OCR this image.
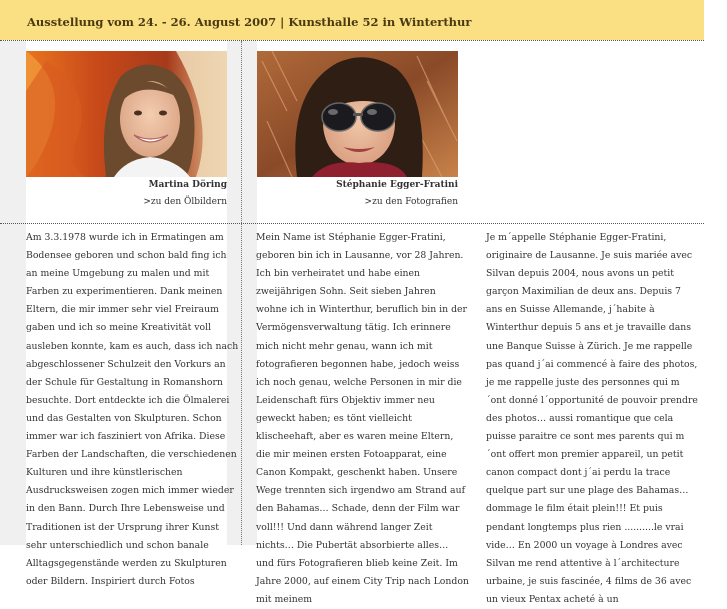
Ausstellung vom 24. - 26. August 2007 | Kunsthalle 52 in Winterthur
Martina Döring
>zu den Ölbildern
Stéphanie Egger-Fratini
>zu den Fotografien

Am 3.3.1978 wurde ich in Ermatingen am Bodensee geboren und schon bald fing ich an meine Umgebung zu malen und mit Farben zu experimentieren. Dank meinen Eltern, die mir immer sehr viel Freiraum gaben und ich so meine Kreativität voll ausleben konnte, kam es auch, dass ich nach abgeschlossener Schulzeit den Vorkurs an der Schule für Gestaltung in Romanshorn besuchte. Dort entdeckte ich die Ölmalerei und das Gestalten von Skulpturen. Schon immer war ich fasziniert von Afrika. Diese Farben der Landschaften, die verschiedenen Kulturen und ihre künstlerischen Ausdrucksweisen zogen mich immer wieder in den Bann. Durch Ihre Lebensweise und Traditionen ist der Ursprung ihrer Kunst sehr unterschiedlich und schon banale Alltagsgegenstände werden zu Skulpturen oder Bildern. Inspiriert durch Fotos

Mein Name ist Stéphanie Egger-Fratini, geboren bin ich in Lausanne, vor 28 Jahren. Ich bin verheiratet und habe einen zweijährigen Sohn. Seit sieben Jahren wohne ich in Winterthur, beruflich bin in der Vermögensverwaltung tätig. Ich erinnere mich nicht mehr genau, wann ich mit fotografieren begonnen habe, jedoch weiss ich noch genau, welche Personen in mir die Leidenschaft fürs Objektiv immer neu geweckt haben; es tönt vielleicht klischeehaft, aber es waren meine Eltern, die mir meinen ersten Fotoapparat, eine Canon Kompakt, geschenkt haben. Unsere Wege trennten sich irgendwo am Strand auf den Bahamas… Schade, denn der Film war voll!!! Und dann während langer Zeit nichts… Die Pubertät absorbierte alles… und fürs Fotografieren blieb keine Zeit. Im Jahre 2000, auf einem City Trip nach London mit meinem

Je m´appelle Stéphanie Egger-Fratini, originaire de Lausanne. Je suis mariée avec Silvan depuis 2004, nous avons un petit garçon Maximilian de deux ans. Depuis 7 ans en Suisse Allemande, j´habite à Winterthur depuis 5 ans et je travaille dans une Banque Suisse à Zürich. Je me rappelle pas quand j´ai commencé à faire des photos, je me rappelle juste des personnes qui m´ont donné l´opportunité de pouvoir prendre des photos… aussi romantique que cela puisse paraitre ce sont mes parents qui m´ont offert mon premier appareil, un petit canon compact dont j´ai perdu la trace quelque part sur une plage des Bahamas… dommage le film était plein!!! Et puis pendant longtemps plus rien ..........le vrai vide… En 2000 un voyage à Londres avec Silvan me rend attentive à l´architecture urbaine, je suis fascinée, 4 films de 36 avec un vieux Pentax acheté à un
